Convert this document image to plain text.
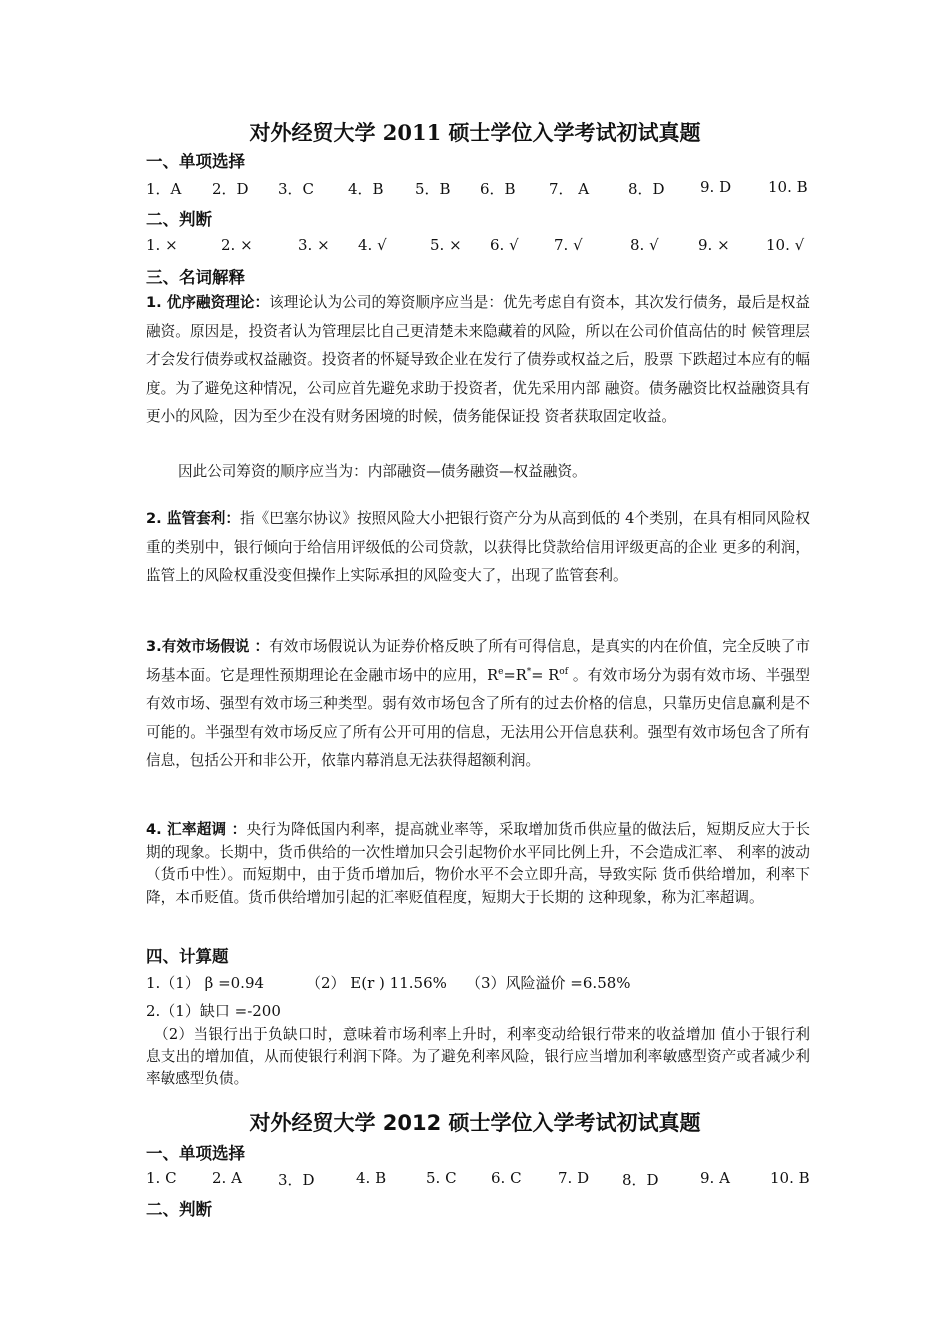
对外经贸大学 2011 硕士学位入学考试初试真题
一、单项选择
1．A 2．D 3．C 4．B 5．B 6．B 7． A	8．D 9. D 10. B
二、判断
1. ×	2. ×	3. × 4. √	5. × 6. √ 7. √	8. √	9. × 10. √
三、名词解释
1. 优序融资理论：该理论认为公司的筹资顺序应当是：优先考虑自有资本，其次发行债务，最后是权益融资。原因是，投资者认为管理层比自己更清楚未来隐藏着的风险，所以在公司价值高估的时 候管理层才会发行债券或权益融资。投资者的怀疑导致企业在发行了债券或权益之后，股票 下跌超过本应有的幅度。为了避免这种情况，公司应首先避免求助于投资者，优先采用内部 融资。债务融资比权益融资具有更小的风险，因为至少在没有财务困境的时候，债务能保证投 资者获取固定收益。
因此公司筹资的顺序应当为：内部融资—债务融资—权益融资。
2. 监管套利：指《巴塞尔协议》按照风险大小把银行资产分为从高到低的 4个类别，在具有相同风险权重的类别中，银行倾向于给信用评级低的公司贷款，以获得比贷款给信用评级更高的企业 更多的利润，监管上的风险权重没变但操作上实际承担的风险变大了，出现了监管套利。
3.有效市场假说 ：有效市场假说认为证券价格反映了所有可得信息，是真实的内在价值，完全反映了市场基本面。它是理性预期理论在金融市场中的应用，$R^e=R^*= R^{of}$ 。有效市场分为弱有效市场、半强型有效市场、强型有效市场三种类型。弱有效市场包含了所有的过去价格的信息，只靠历史信息赢利是不可能的。半强型有效市场反应了所有公开可用的信息，无法用公开信息获利。强型有效市场包含了所有信息，包括公开和非公开，依靠内幕消息无法获得超额利润。
4. 汇率超调 ：央行为降低国内利率，提高就业率等，采取增加货币供应量的做法后，短期反应大于长期的现象。长期中，货币供给的一次性增加只会引起物价水平同比例上升，不会造成汇率、 利率的波动（货币中性）。而短期中，由于货币增加后，物价水平不会立即升高，导致实际 货币供给增加，利率下降，本币贬值。货币供给增加引起的汇率贬值程度，短期大于长期的 这种现象，称为汇率超调。
四、计算题
1.（1） β =0.94	（2） E(r ) 11.56% （3）风险溢价 =6.58%
2.（1）缺口 =-200
（2）当银行出于负缺口时，意味着市场利率上升时，利率变动给银行带来的收益增加 值小于银行利息支出的增加值，从而使银行利润下降。为了避免利率风险，银行应当增加利率敏感型资产或者减少利率敏感型负债。
对外经贸大学 2012 硕士学位入学考试初试真题
一、单项选择
1. C 2. A 3．D	4. B	5. C 6. C 7. D 8．D	9. A	10. B
二、判断
